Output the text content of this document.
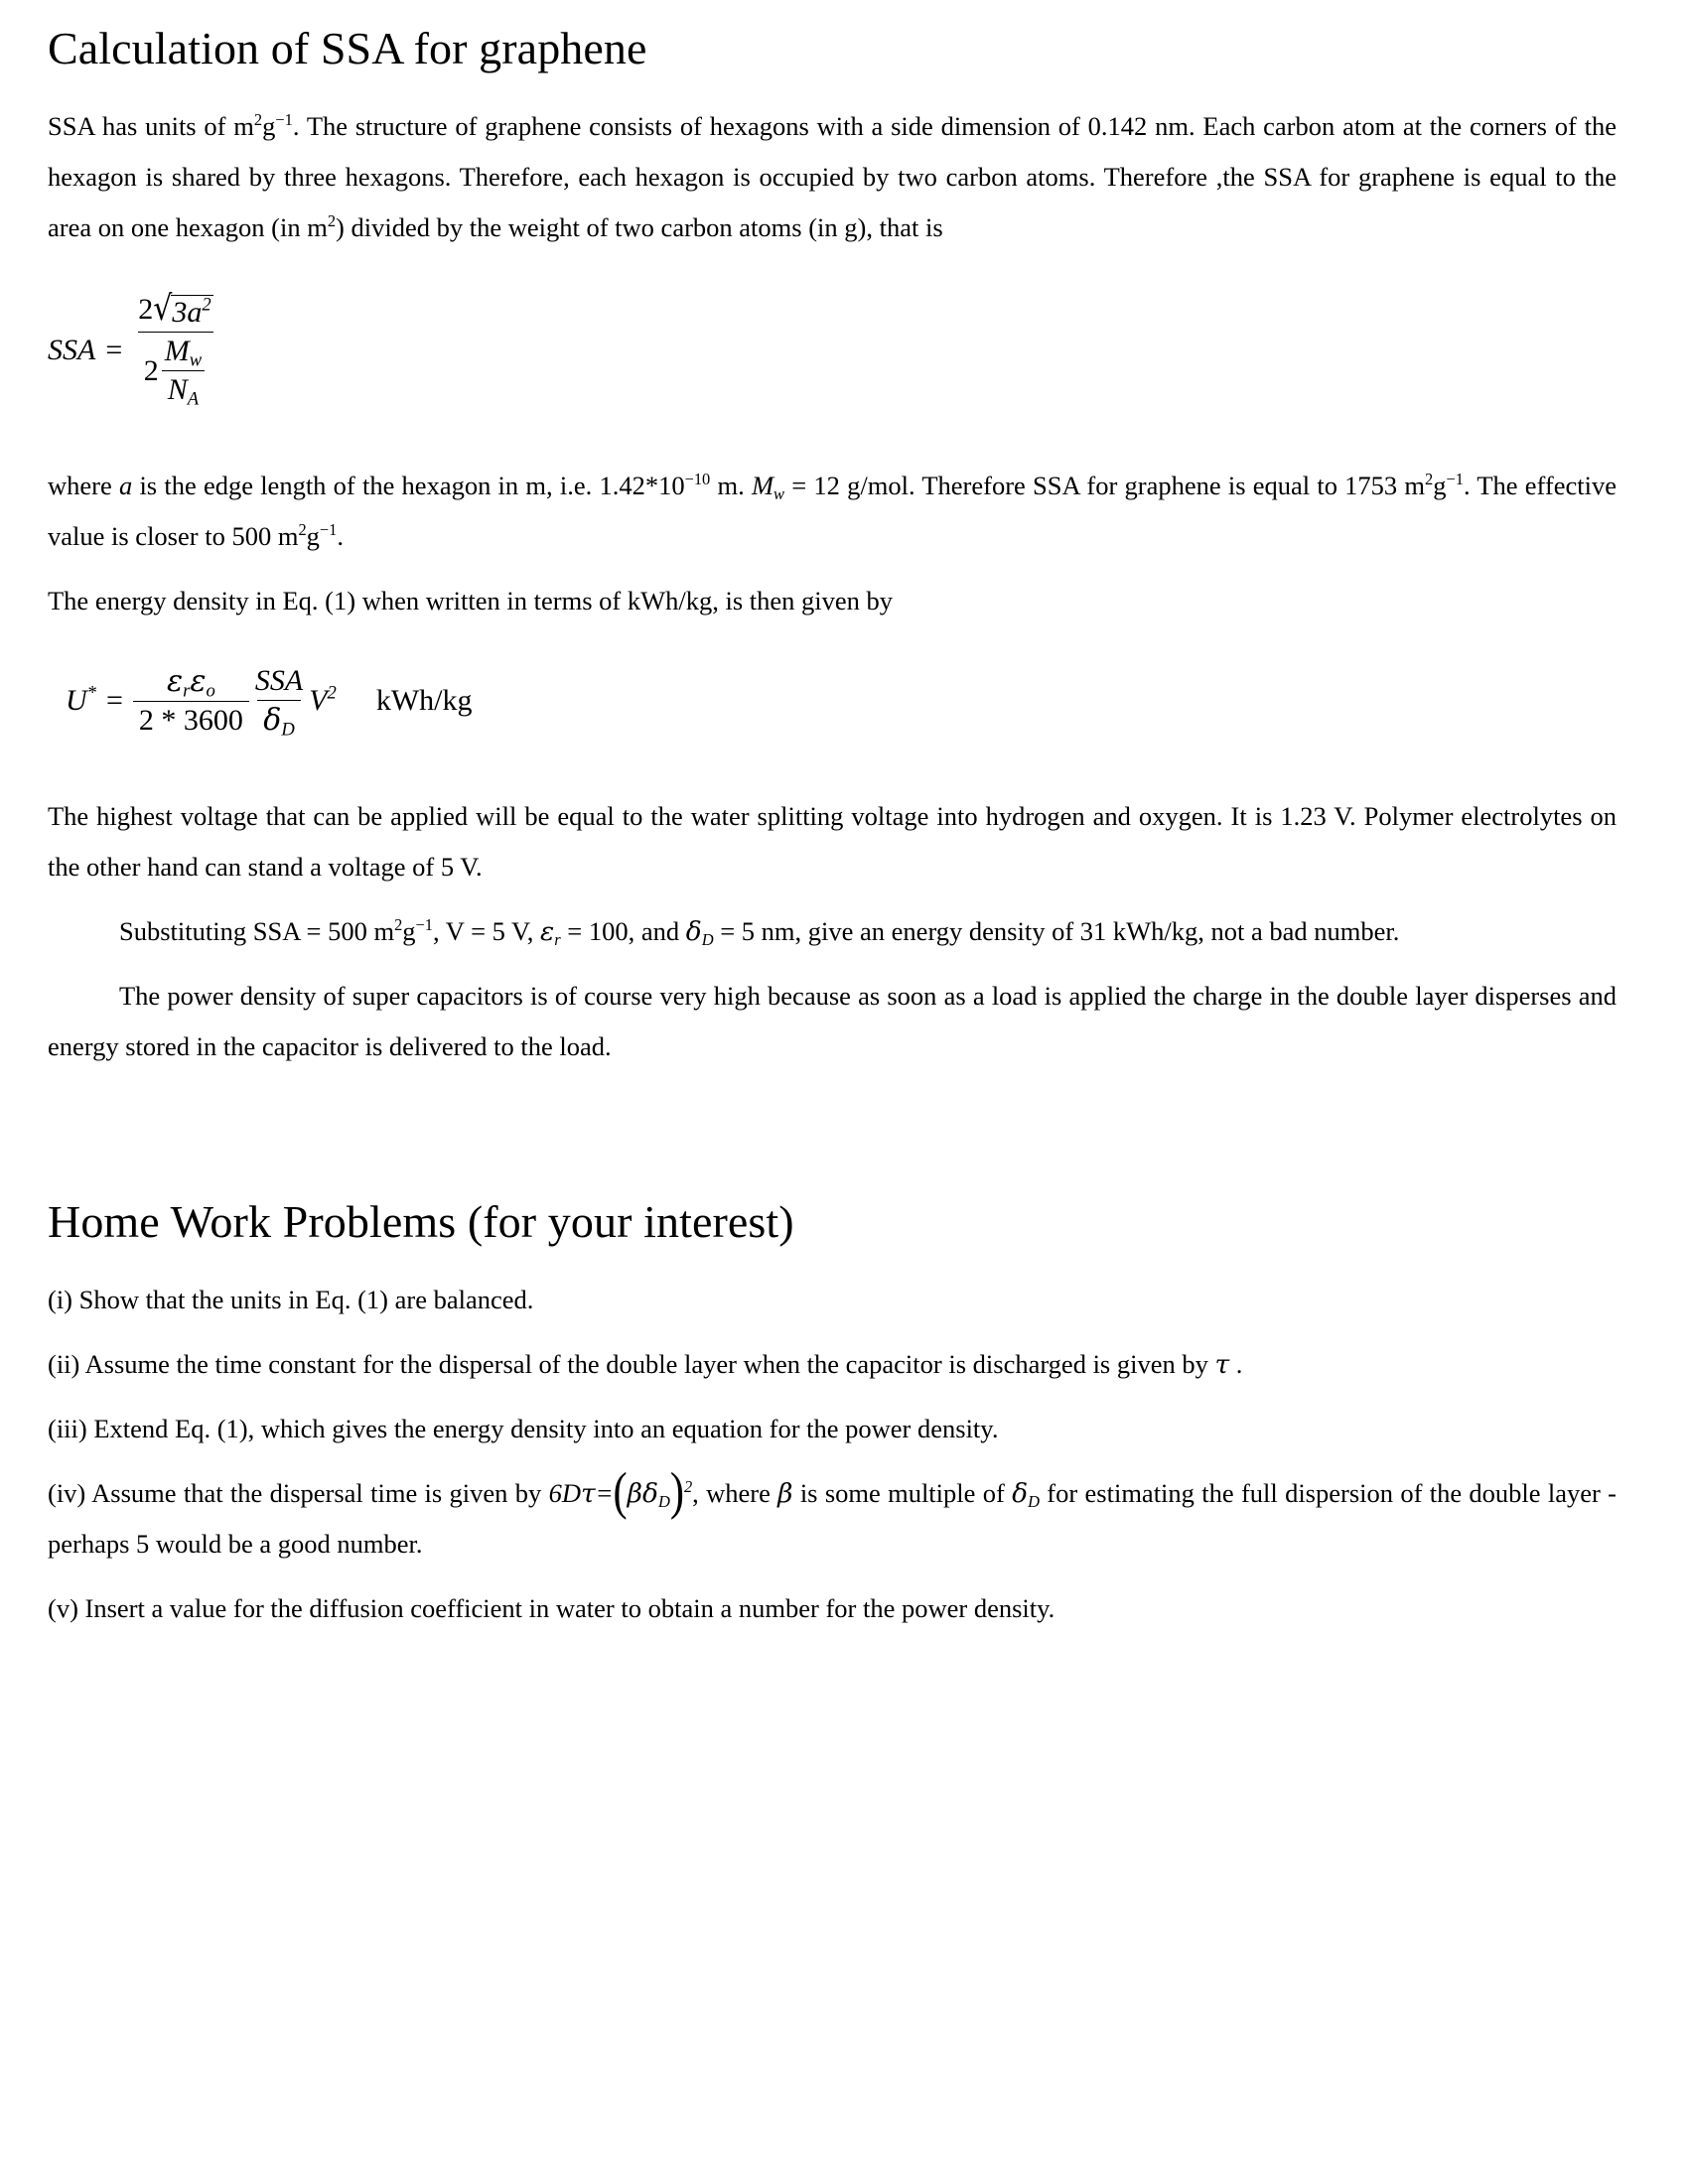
Calculation of SSA for graphene

SSA has units of $m^2g^{-1}$. The structure of graphene consists of hexagons with a side dimension of 0.142 nm. Each carbon atom at the corners of the hexagon is shared by three hexagons. Therefore, each hexagon is occupied by two carbon atoms. Therefore ,the SSA for graphene is equal to the area on one hexagon (in $m^2$) divided by the weight of two carbon atoms (in g), that is

SSA = $\frac{2 √ 3a^2}{2 \frac{M_w}{N_A}}$

where a is the edge length of the hexagon in m, i.e. $1.42*10^{-10}$ m. $M_w = 12$ g/mol. Therefore SSA for graphene is equal to 1753 $m^2g^{-1}$. The effective value is closer to 500 $m^2g^{-1}$.

The energy density in Eq. (1) when written in terms of kWh/kg, is then given by

$U^* = \frac{\varepsilon_r\varepsilon_o}{2 * 3600} \frac{\text{SSA}}{\delta_D} V^2$	kWh/kg

The highest voltage that can be applied will be equal to the water splitting voltage into hydrogen and oxygen. It is 1.23 V. Polymer electrolytes on the other hand can stand a voltage of 5 V.

Substituting SSA = 500 $m^2g^{-1}$, V = 5 V, $\varepsilon_r = 100$, and $\delta_D = 5$ nm, give an energy density of 31 kWh/kg, not a bad number.

The power density of super capacitors is of course very high because as soon as a load is applied the charge in the double layer disperses and energy stored in the capacitor is delivered to the load.

Home Work Problems (for your interest)

(i) Show that the units in Eq. (1) are balanced.

(ii) Assume the time constant for the dispersal of the double layer when the capacitor is discharged is given by τ .

(iii) Extend Eq. (1), which gives the energy density into an equation for the power density.

(iv) Assume that the dispersal time is given by $6D\tau=(\beta\delta_D)^2$, where β is some multiple of $\delta_D$ for estimating the full dispersion of the double layer - perhaps 5 would be a good number.

(v) Insert a value for the diffusion coefficient in water to obtain a number for the power density.
